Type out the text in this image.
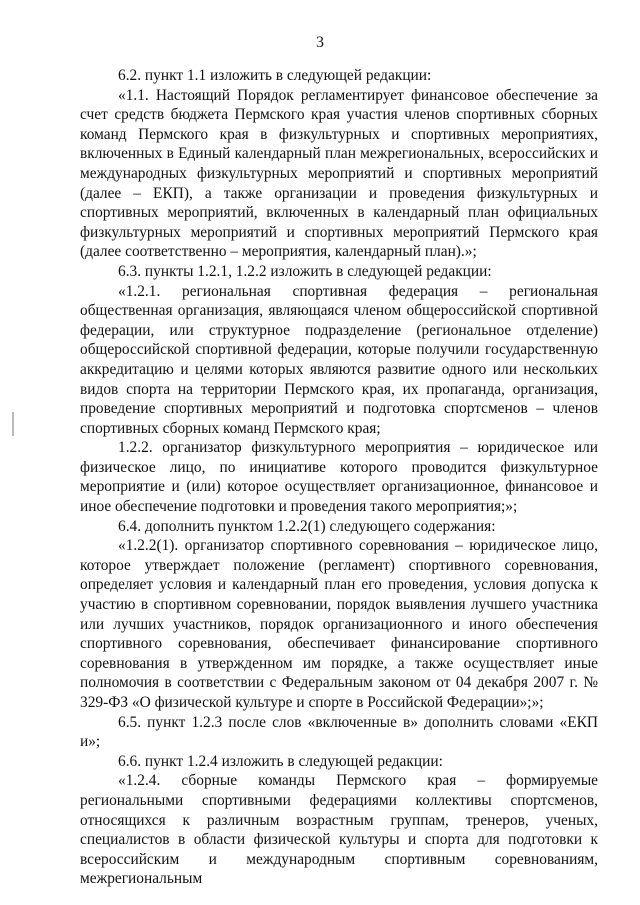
3

6.2. пункт 1.1 изложить в следующей редакции:

«1.1. Настоящий Порядок регламентирует финансовое обеспечение за счет средств бюджета Пермского края участия членов спортивных сборных команд Пермского края в физкультурных и спортивных мероприятиях, включенных в Единый календарный план межрегиональных, всероссийских и международных физкультурных мероприятий и спортивных мероприятий (далее – ЕКП), а также организации и проведения физкультурных и спортивных мероприятий, включенных в календарный план официальных физкультурных мероприятий и спортивных мероприятий Пермского края (далее соответственно – мероприятия, календарный план).»;

6.3. пункты 1.2.1, 1.2.2 изложить в следующей редакции:

«1.2.1. региональная спортивная федерация – региональная общественная организация, являющаяся членом общероссийской спортивной федерации, или структурное подразделение (региональное отделение) общероссийской спортивной федерации, которые получили государственную аккредитацию и целями которых являются развитие одного или нескольких видов спорта на территории Пермского края, их пропаганда, организация, проведение спортивных мероприятий и подготовка спортсменов – членов спортивных сборных команд Пермского края;

1.2.2. организатор физкультурного мероприятия – юридическое или физическое лицо, по инициативе которого проводится физкультурное мероприятие и (или) которое осуществляет организационное, финансовое и иное обеспечение подготовки и проведения такого мероприятия;»;

6.4. дополнить пунктом 1.2.2(1) следующего содержания:

«1.2.2(1). организатор спортивного соревнования – юридическое лицо, которое утверждает положение (регламент) спортивного соревнования, определяет условия и календарный план его проведения, условия допуска к участию в спортивном соревновании, порядок выявления лучшего участника или лучших участников, порядок организационного и иного обеспечения спортивного соревнования, обеспечивает финансирование спортивного соревнования в утвержденном им порядке, а также осуществляет иные полномочия в соответствии с Федеральным законом от 04 декабря 2007 г. № 329-ФЗ «О физической культуре и спорте в Российской Федерации»;»;

6.5. пункт 1.2.3 после слов «включенные в» дополнить словами «ЕКП и»;

6.6. пункт 1.2.4 изложить в следующей редакции:

«1.2.4. сборные команды Пермского края – формируемые региональными спортивными федерациями коллективы спортсменов, относящихся к различным возрастным группам, тренеров, ученых, специалистов в области физической культуры и спорта для подготовки к всероссийским и международным спортивным соревнованиям, межрегиональным
